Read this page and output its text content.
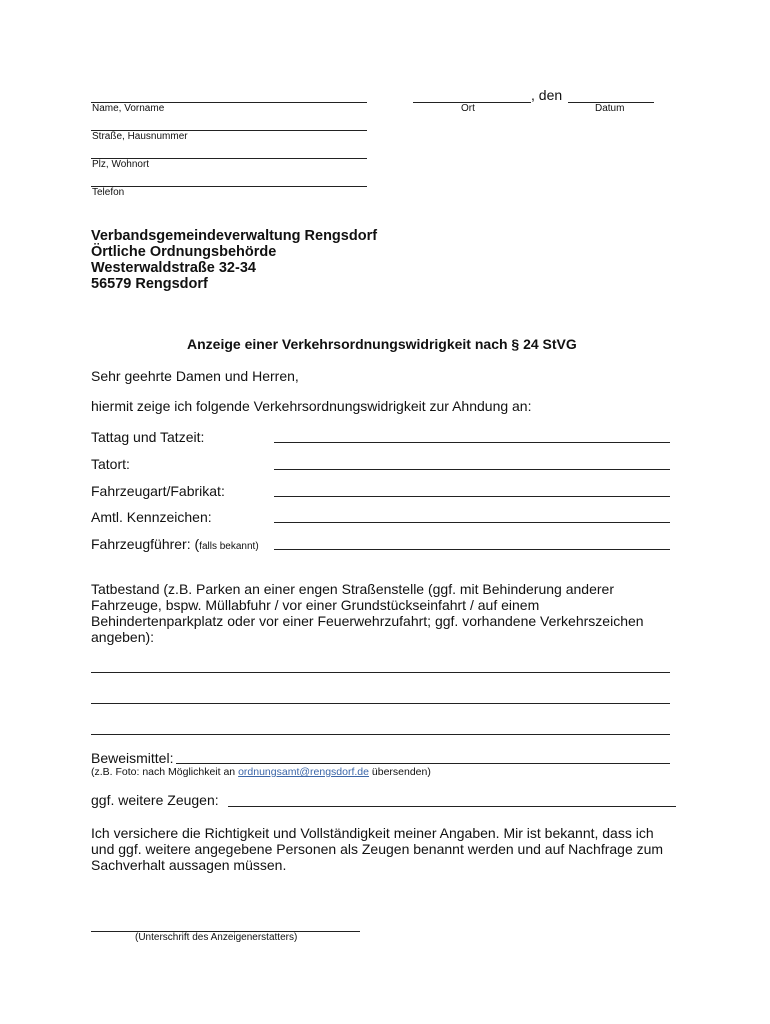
Name, Vorname
, den
Ort	Datum
Straße, Hausnummer
Plz, Wohnort
Telefon
Verbandsgemeindeverwaltung Rengsdorf
Örtliche Ordnungsbehörde
Westerwaldstraße 32-34
56579 Rengsdorf
Anzeige einer Verkehrsordnungswidrigkeit nach § 24 StVG
Sehr geehrte Damen und Herren,
hiermit zeige ich folgende Verkehrsordnungswidrigkeit zur Ahndung an:
Tattag und Tatzeit:
Tatort:
Fahrzeugart/Fabrikat:
Amtl. Kennzeichen:
Fahrzeugführer: (falls bekannt)
Tatbestand (z.B. Parken an einer engen Straßenstelle (ggf. mit Behinderung anderer
Fahrzeuge, bspw. Müllabfuhr / vor einer Grundstückseinfahrt / auf einem
Behindertenparkplatz oder vor einer Feuerwehrzufahrt; ggf. vorhandene Verkehrszeichen
angeben):
Beweismittel:
(z.B. Foto: nach Möglichkeit an ordnungsamt@rengsdorf.de übersenden)
ggf. weitere Zeugen:
Ich versichere die Richtigkeit und Vollständigkeit meiner Angaben. Mir ist bekannt, dass ich
und ggf. weitere angegebene Personen als Zeugen benannt werden und auf Nachfrage zum
Sachverhalt aussagen müssen.
(Unterschrift des Anzeigenerstatters)
